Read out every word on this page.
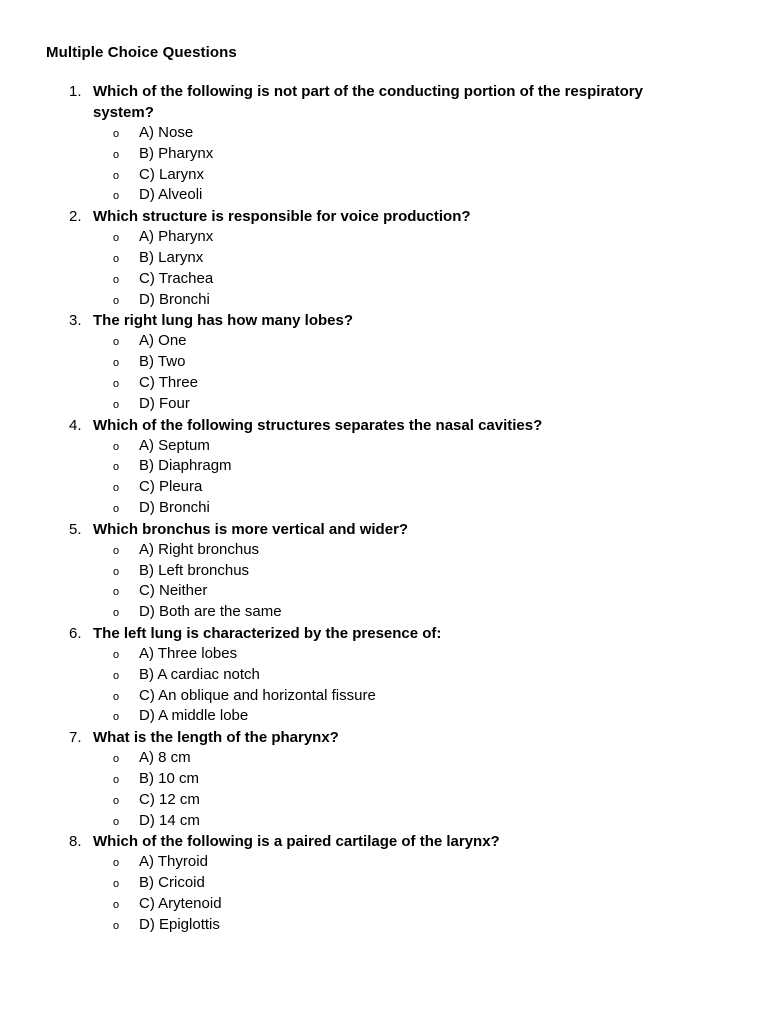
Multiple Choice Questions
1. Which of the following is not part of the conducting portion of the respiratory system?
o A) Nose
o B) Pharynx
o C) Larynx
o D) Alveoli
2. Which structure is responsible for voice production?
o A) Pharynx
o B) Larynx
o C) Trachea
o D) Bronchi
3. The right lung has how many lobes?
o A) One
o B) Two
o C) Three
o D) Four
4. Which of the following structures separates the nasal cavities?
o A) Septum
o B) Diaphragm
o C) Pleura
o D) Bronchi
5. Which bronchus is more vertical and wider?
o A) Right bronchus
o B) Left bronchus
o C) Neither
o D) Both are the same
6. The left lung is characterized by the presence of:
o A) Three lobes
o B) A cardiac notch
o C) An oblique and horizontal fissure
o D) A middle lobe
7. What is the length of the pharynx?
o A) 8 cm
o B) 10 cm
o C) 12 cm
o D) 14 cm
8. Which of the following is a paired cartilage of the larynx?
o A) Thyroid
o B) Cricoid
o C) Arytenoid
o D) Epiglottis
